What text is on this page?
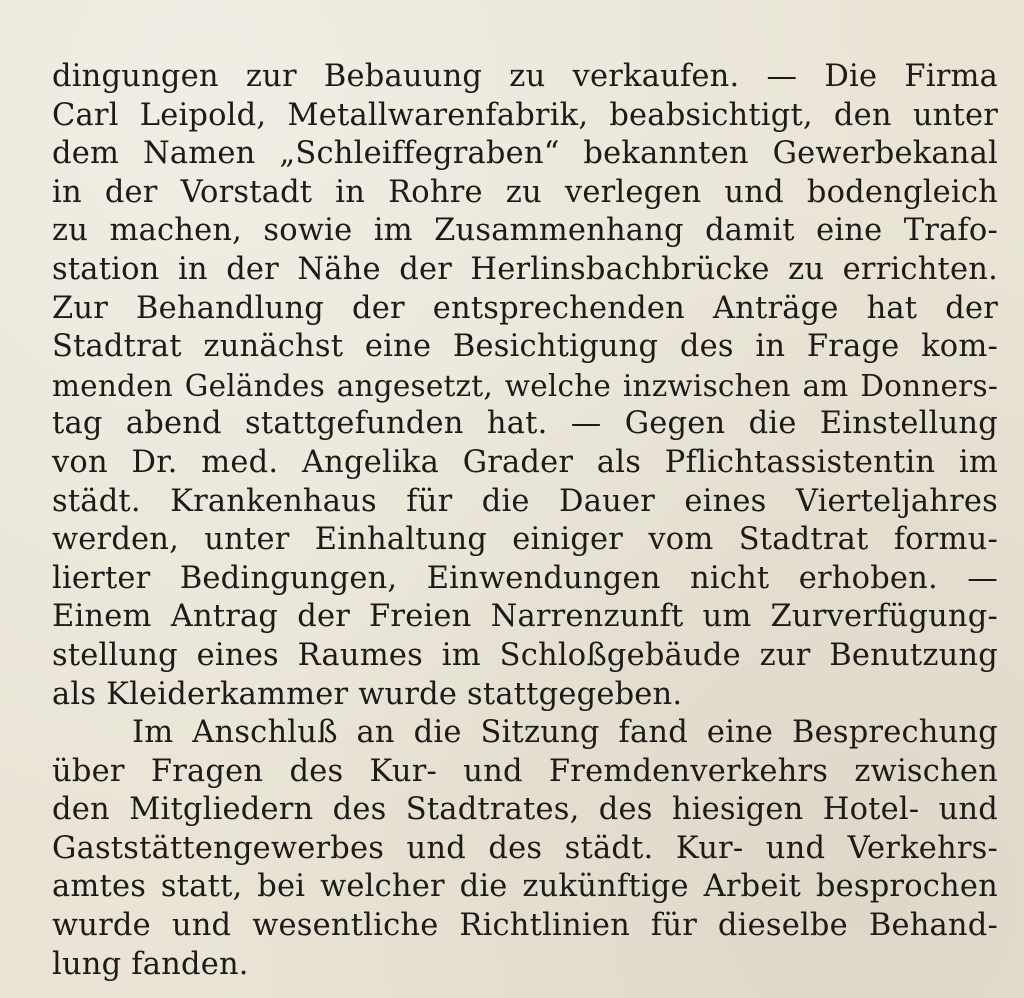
dingungen zur Bebauung zu verkaufen. — Die Firma
Carl Leipold, Metallwarenfabrik, beabsichtigt, den unter
dem Namen „Schleiffegraben“ bekannten Gewerbekanal
in der Vorstadt in Rohre zu verlegen und bodengleich
zu machen, sowie im Zusammenhang damit eine Trafo-
station in der Nähe der Herlinsbachbrücke zu errichten.
Zur Behandlung der entsprechenden Anträge hat der
Stadtrat zunächst eine Besichtigung des in Frage kom-
menden Geländes angesetzt, welche inzwischen am Donners-
tag abend stattgefunden hat. — Gegen die Einstellung
von Dr. med. Angelika Grader als Pflichtassistentin im
städt. Krankenhaus für die Dauer eines Vierteljahres
werden, unter Einhaltung einiger vom Stadtrat formu-
lierter Bedingungen, Einwendungen nicht erhoben. —
Einem Antrag der Freien Narrenzunft um Zurverfügung-
stellung eines Raumes im Schloßgebäude zur Benutzung
als Kleiderkammer wurde stattgegeben.
Im Anschluß an die Sitzung fand eine Besprechung
über Fragen des Kur- und Fremdenverkehrs zwischen
den Mitgliedern des Stadtrates, des hiesigen Hotel- und
Gaststättengewerbes und des städt. Kur- und Verkehrs-
amtes statt, bei welcher die zukünftige Arbeit besprochen
wurde und wesentliche Richtlinien für dieselbe Behand-
lung fanden.
